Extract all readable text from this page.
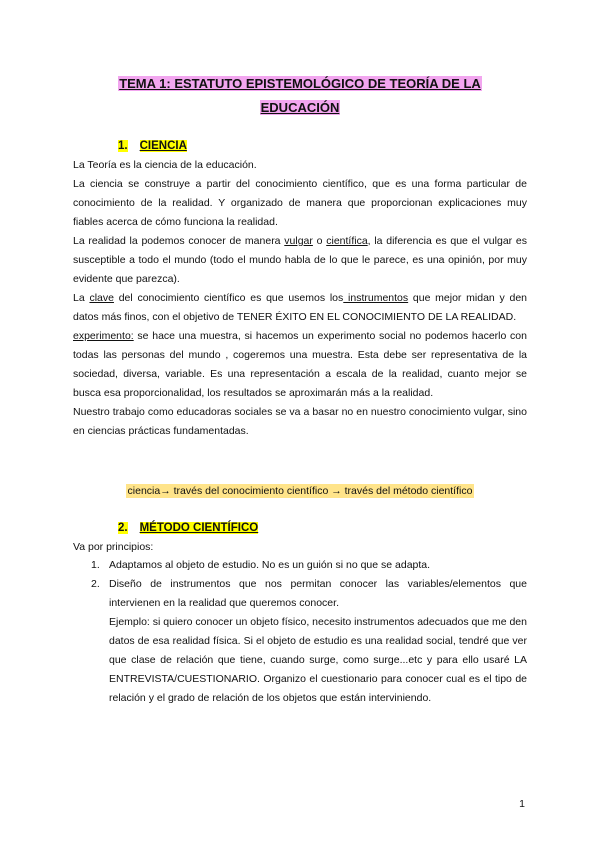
TEMA 1: ESTATUTO EPISTEMOLÓGICO DE TEORÍA DE LA
EDUCACIÓN
1. CIENCIA

La Teoría es la ciencia de la educación.

La ciencia se construye a partir del conocimiento científico, que es una forma particular de conocimiento de la realidad. Y organizado de manera que proporcionan explicaciones muy fiables acerca de cómo funciona la realidad.

La realidad la podemos conocer de manera vulgar o científica, la diferencia es que el vulgar es susceptible a todo el mundo (todo el mundo habla de lo que le parece, es una opinión, por muy evidente que parezca).

La clave del conocimiento científico es que usemos los instrumentos que mejor midan y den datos más finos, con el objetivo de TENER ÉXITO EN EL CONOCIMIENTO DE LA REALIDAD.

experimento: se hace una muestra, si hacemos un experimento social no podemos hacerlo con todas las personas del mundo , cogeremos una muestra. Esta debe ser representativa de la sociedad, diversa, variable. Es una representación a escala de la realidad, cuanto mejor se busca esa proporcionalidad, los resultados se aproximarán más a la realidad.

Nuestro trabajo como educadoras sociales se va a basar no en nuestro conocimiento vulgar, sino en ciencias prácticas fundamentadas.

ciencia→ través del conocimiento científico → través del método científico
2. MÉTODO CIENTÍFICO

Va por principios:

1. Adaptamos al objeto de estudio. No es un guión si no que se adapta.
2. Diseño de instrumentos que nos permitan conocer las variables/elementos que intervienen en la realidad que queremos conocer.
Ejemplo: si quiero conocer un objeto físico, necesito instrumentos adecuados que me den datos de esa realidad física. Si el objeto de estudio es una realidad social, tendré que ver que clase de relación que tiene, cuando surge, como surge...etc y para ello usaré LA ENTREVISTA/CUESTIONARIO. Organizo el cuestionario para conocer cual es el tipo de relación y el grado de relación de los objetos que están interviniendo.
1
